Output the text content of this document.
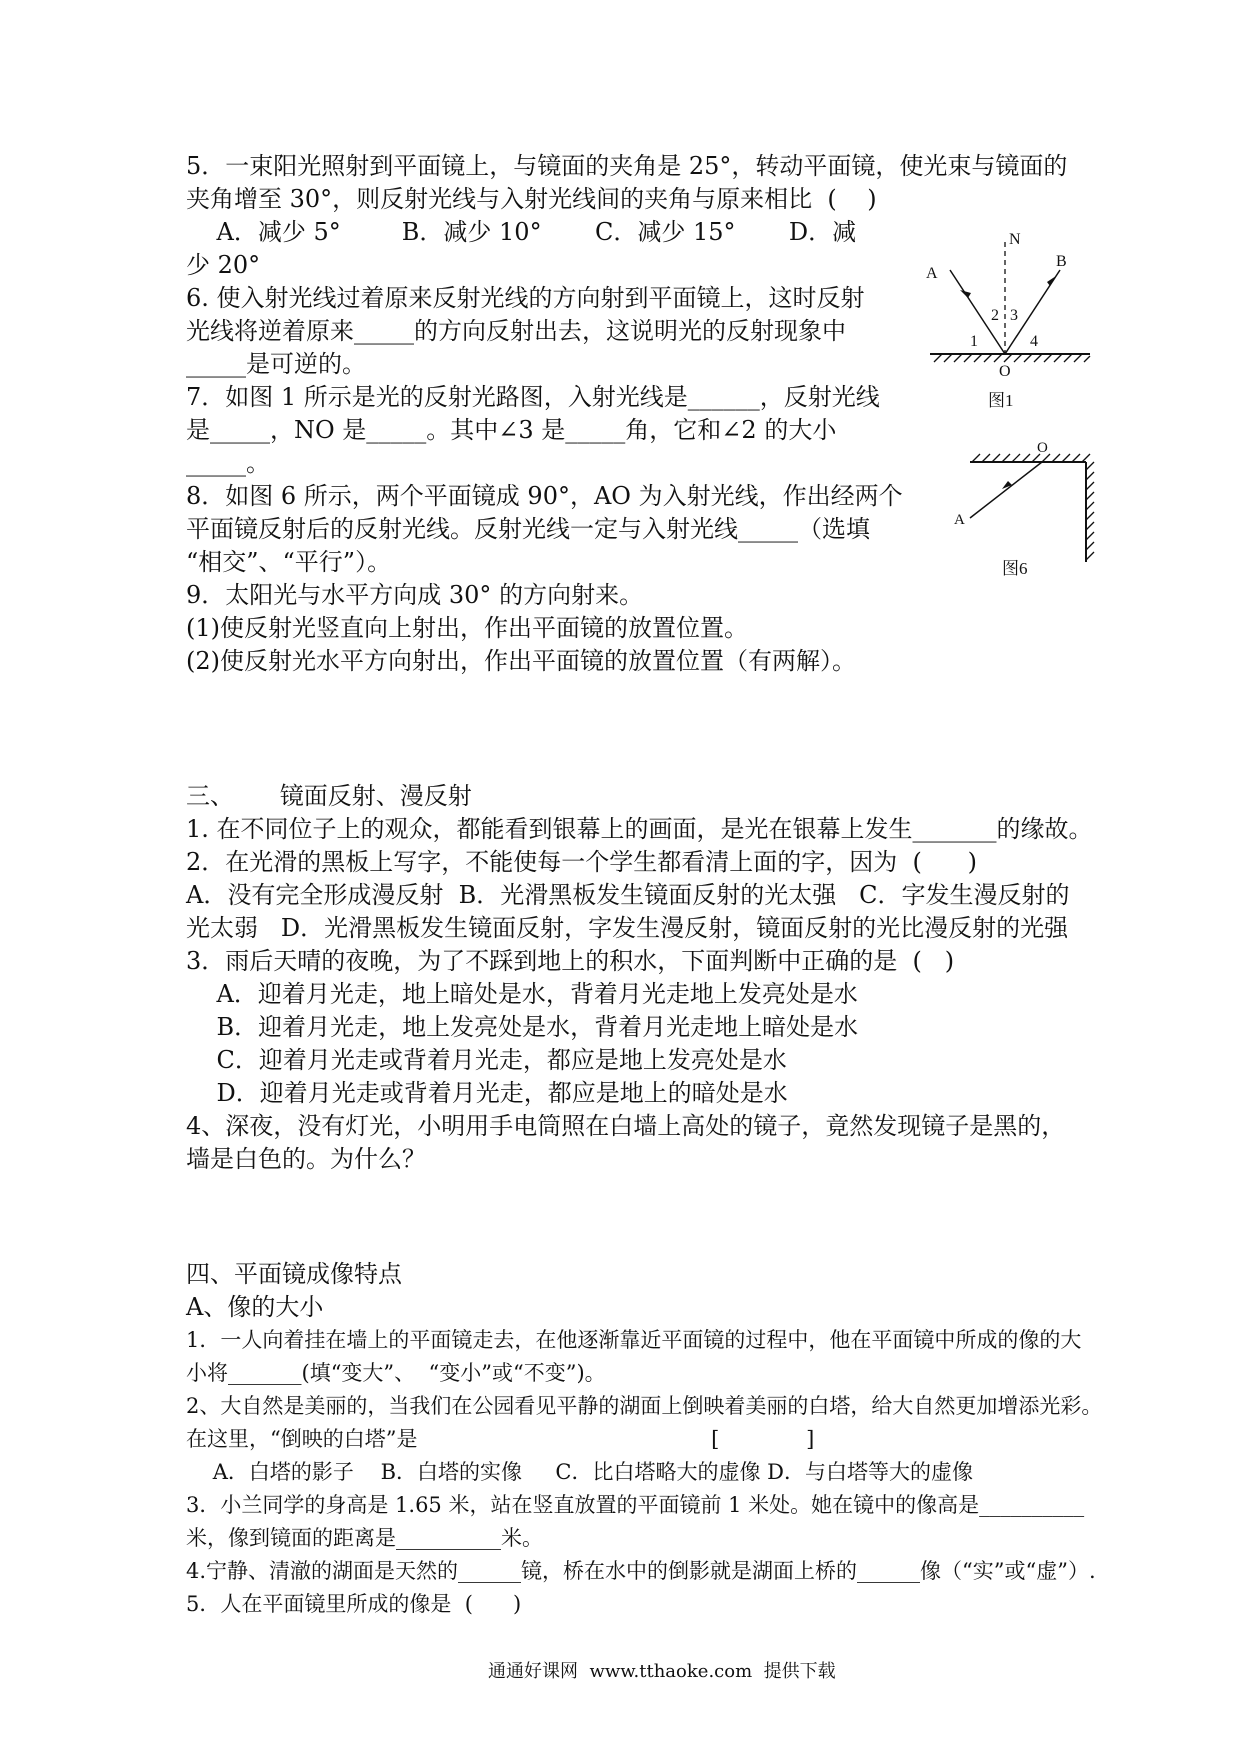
5．一束阳光照射到平面镜上，与镜面的夹角是 25°，转动平面镜，使光束与镜面的
夹角增至 30°，则反射光线与入射光线间的夹角与原来相比  (    )
A．减少 5°        B．减少 10°       C．减少 15°       D．减
少 20°
6. 使入射光线过着原来反射光线的方向射到平面镜上，这时反射
光线将逆着原来_____的方向反射出去，这说明光的反射现象中
_____是可逆的。
7．如图 1 所示是光的反射光路图，入射光线是______，反射光线
是_____，NO 是_____。其中∠3 是_____角，它和∠2 的大小
_____。
8．如图 6 所示，两个平面镜成 90°，AO 为入射光线，作出经两个
平面镜反射后的反射光线。反射光线一定与入射光线_____（选填
“相交”、“平行”）。
9．太阳光与水平方向成 30° 的方向射来。
(1)使反射光竖直向上射出，作出平面镜的放置位置。
(2)使反射光水平方向射出，作出平面镜的放置位置（有两解）。
三、      镜面反射、漫反射
1. 在不同位子上的观众，都能看到银幕上的画面，是光在银幕上发生_______的缘故。
2．在光滑的黑板上写字，不能使每一个学生都看清上面的字，因为  (      )
A．没有完全形成漫反射  B．光滑黑板发生镜面反射的光太强   C．字发生漫反射的
光太弱   D．光滑黑板发生镜面反射，字发生漫反射，镜面反射的光比漫反射的光强
3．雨后天晴的夜晚，为了不踩到地上的积水，下面判断中正确的是  (   )
A．迎着月光走，地上暗处是水，背着月光走地上发亮处是水
B．迎着月光走，地上发亮处是水，背着月光走地上暗处是水
C．迎着月光走或背着月光走，都应是地上发亮处是水
D．迎着月光走或背着月光走，都应是地上的暗处是水
4、深夜，没有灯光，小明用手电筒照在白墙上高处的镜子，竟然发现镜子是黑的，
墙是白色的。为什么？
四、平面镜成像特点
A、像的大小
1．一人向着挂在墙上的平面镜走去，在他逐渐靠近平面镜的过程中，他在平面镜中所成的像的大
小将_______(填“变大”、  “变小”或“不变”)。
2、大自然是美丽的，当我们在公园看见平静的湖面上倒映着美丽的白塔，给大自然更加增添光彩。
在这里，“倒映的白塔”是                                            [             ]
A．白塔的影子    B．白塔的实像     C．比白塔略大的虚像 D．与白塔等大的虚像
3．小兰同学的身高是 1.65 米，站在竖直放置的平面镜前 1 米处。她在镜中的像高是__________
米，像到镜面的距离是__________米。
4.宁静、清澈的湖面是天然的______镜，桥在水中的倒影就是湖面上桥的______像（“实”或“虚”）.
5．人在平面镜里所成的像是  (      )
通通好课网  www.tthaoke.com  提供下载
N
A
B
1
2 3
4
O
图1
O
A
图6
